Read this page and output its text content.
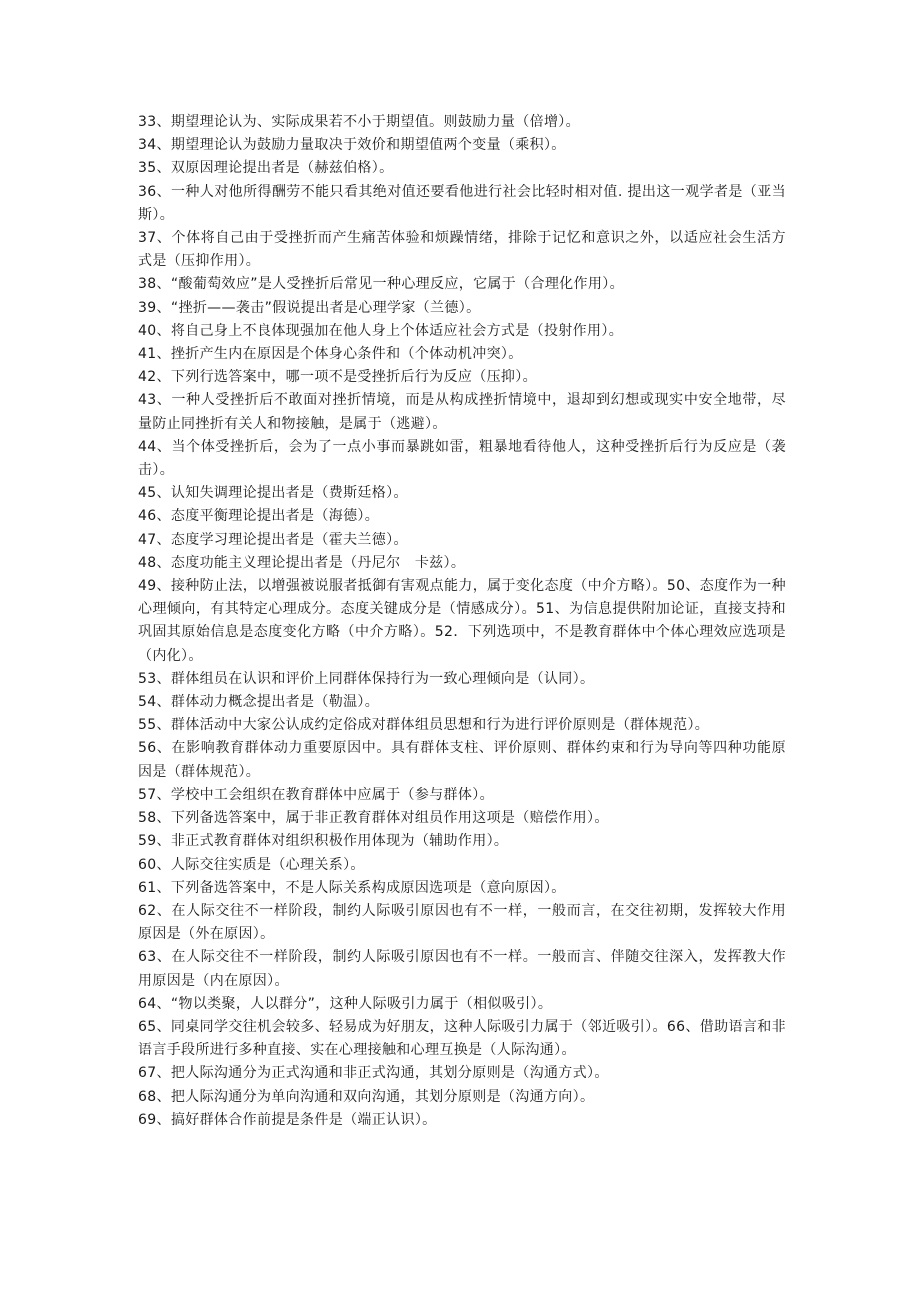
33、期望理论认为、实际成果若不小于期望值。则鼓励力量（倍增）。

34、期望理论认为鼓励力量取决于效价和期望值两个变量（乘积）。

35、双原因理论提出者是（赫兹伯格）。

36、一种人对他所得酬劳不能只看其绝对值还要看他进行社会比轻时相对值. 提出这一观学者是（亚当斯）。

37、个体将自己由于受挫折而产生痛苦体验和烦躁情绪，排除于记忆和意识之外，以适应社会生活方式是（压抑作用）。

38、“酸葡萄效应”是人受挫折后常见一种心理反应，它属于（合理化作用）。

39、“挫折——袭击”假说提出者是心理学家（兰德）。

40、将自己身上不良体现强加在他人身上个体适应社会方式是（投射作用）。

41、挫折产生内在原因是个体身心条件和（个体动机冲突）。

42、下列行选答案中，哪一项不是受挫折后行为反应（压抑）。

43、一种人受挫折后不敢面对挫折情境，而是从构成挫折情境中，退却到幻想或现实中安全地带，尽量防止同挫折有关人和物接触，是属于（逃避）。

44、当个体受挫折后，会为了一点小事而暴跳如雷，粗暴地看待他人，这种受挫折后行为反应是（袭击）。

45、认知失调理论提出者是（费斯廷格）。

46、态度平衡理论提出者是（海德）。

47、态度学习理论提出者是（霍夫兰德）。

48、态度功能主义理论提出者是（丹尼尔　卡兹）。

49、接种防止法，以增强被说服者抵御有害观点能力，属于变化态度（中介方略）。50、态度作为一种心理倾向，有其特定心理成分。态度关键成分是（情感成分）。51、为信息提供附加论证，直接支持和巩固其原始信息是态度变化方略（中介方略）。52．下列选项中，不是教育群体中个体心理效应选项是（内化）。

53、群体组员在认识和评价上同群体保持行为一致心理倾向是（认同）。

54、群体动力概念提出者是（勒温）。

55、群体活动中大家公认成约定俗成对群体组员思想和行为进行评价原则是（群体规范）。

56、在影响教育群体动力重要原因中。具有群体支柱、评价原则、群体约束和行为导向等四种功能原因是（群体规范）。

57、学校中工会组织在教育群体中应属于（参与群体）。

58、下列备选答案中，属于非正教育群体对组员作用这项是（赔偿作用）。

59、非正式教育群体对组织积极作用体现为（辅助作用）。

60、人际交往实质是（心理关系）。

61、下列备选答案中，不是人际关系构成原因选项是（意向原因）。

62、在人际交往不一样阶段，制约人际吸引原因也有不一样，一般而言，在交往初期，发挥较大作用原因是（外在原因）。

63、在人际交往不一样阶段，制约人际吸引原因也有不一样。一般而言、伴随交往深入，发挥教大作用原因是（内在原因）。

64、“物以类聚，人以群分”，这种人际吸引力属于（相似吸引）。

65、同桌同学交往机会较多、轻易成为好朋友，这种人际吸引力属于（邻近吸引）。66、借助语言和非语言手段所进行多种直接、实在心理接触和心理互换是（人际沟通）。

67、把人际沟通分为正式沟通和非正式沟通，其划分原则是（沟通方式）。

68、把人际沟通分为单向沟通和双向沟通，其划分原则是（沟通方向）。

69、搞好群体合作前提是条件是（端正认识）。
